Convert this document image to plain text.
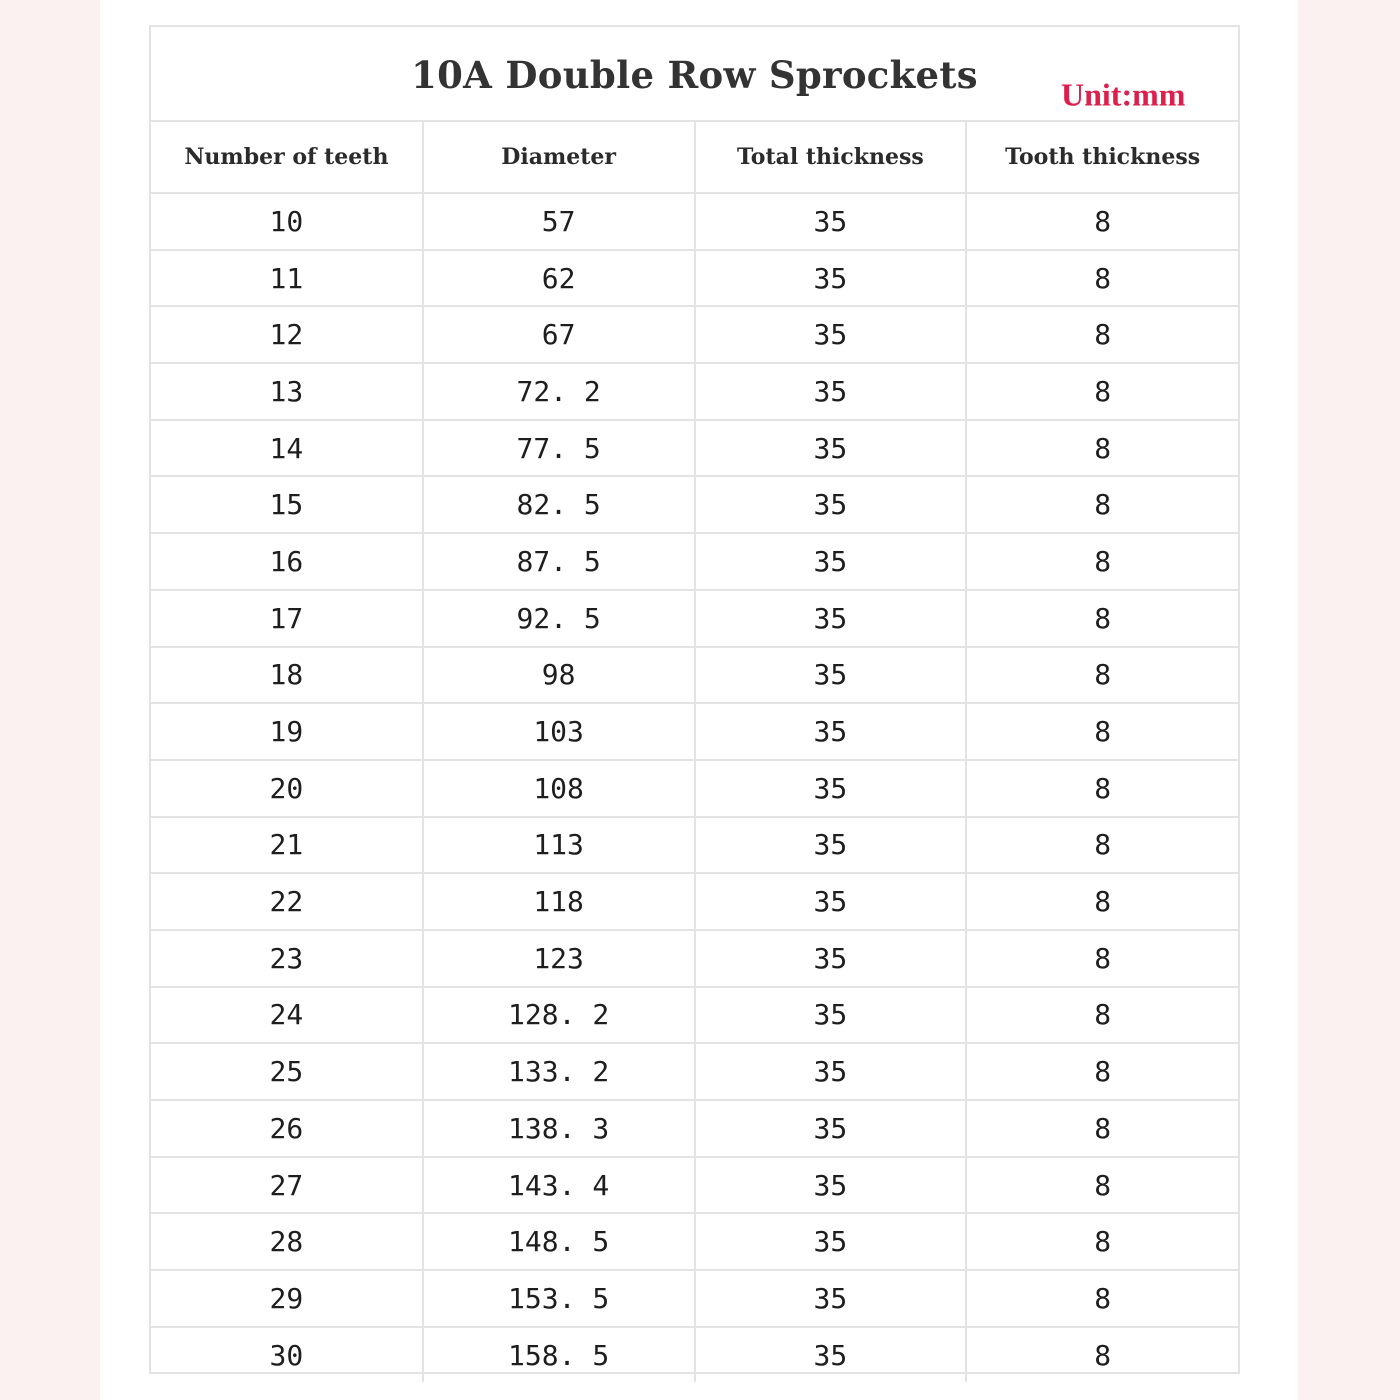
10A Double Row Sprockets	Unit:mm
Number of teeth	Diameter	Total thickness	Tooth thickness
10	57	35	8
11	62	35	8
12	67	35	8
13	72. 2	35	8
14	77. 5	35	8
15	82. 5	35	8
16	87. 5	35	8
17	92. 5	35	8
18	98	35	8
19	103	35	8
20	108	35	8
21	113	35	8
22	118	35	8
23	123	35	8
24	128. 2	35	8
25	133. 2	35	8
26	138. 3	35	8
27	143. 4	35	8
28	148. 5	35	8
29	153. 5	35	8
30	158. 5	35	8
